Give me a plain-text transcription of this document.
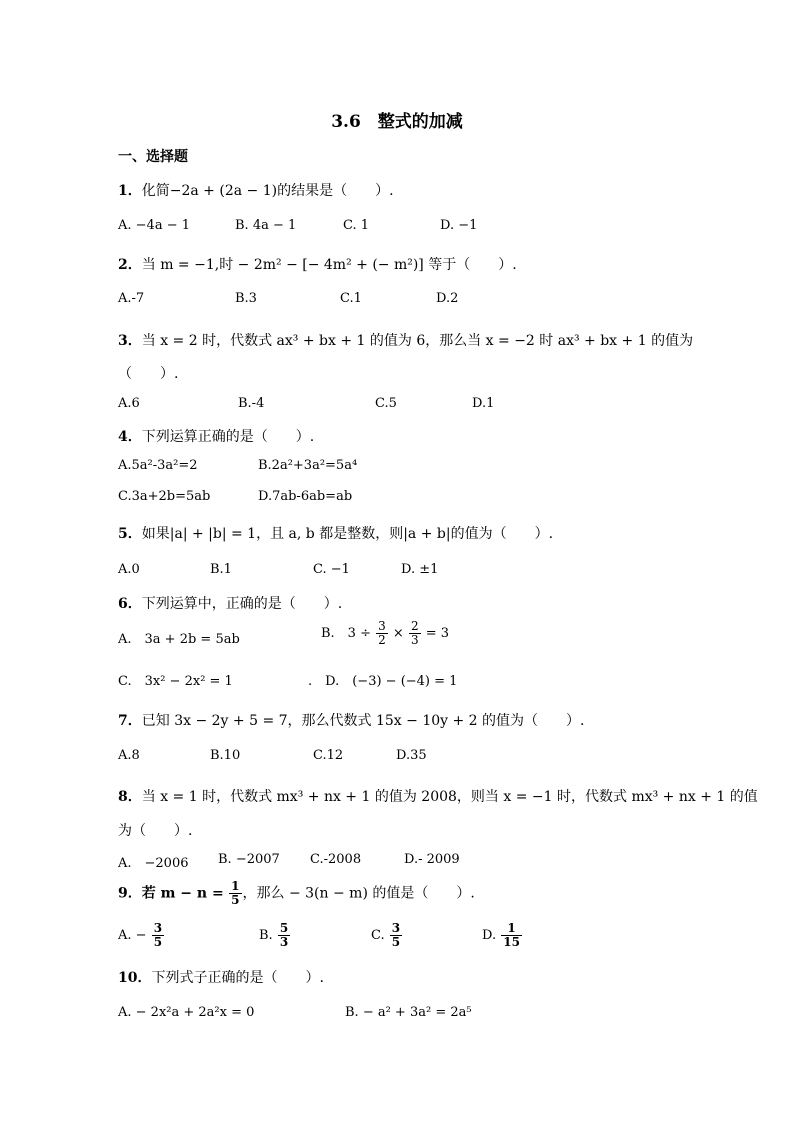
3.6　整式的加减
一、选择题
1．化简−2a + (2a − 1)的结果是（　　）.
A. −4a − 1	B. 4a − 1	C. 1	D. −1
2．当 m = −1,时 − 2m² − [− 4m² + (− m²)] 等于（　　）.
A.-7	B.3	C.1	D.2
3．当 x = 2 时，代数式 ax³ + bx + 1 的值为 6，那么当 x = −2 时 ax³ + bx + 1 的值为
（　　）.
A.6	B.-4	C.5	D.1
4．下列运算正确的是（　　）.
A.5a²-3a²=2	B.2a²+3a²=5a⁴
C.3a+2b=5ab	D.7ab-6ab=ab
5．如果|a| + |b| = 1，且 a, b 都是整数，则|a + b|的值为（　　）.
A.0	B.1	C. −1	D. ±1
6．下列运算中，正确的是（　　）.
A.　3a + 2b = 5ab	B.　$3 \div \frac{3}{2} \times \frac{2}{3} = 3$
C.　3x² − 2x² = 1	.　D.　(−3) − (−4) = 1
7．已知 3x − 2y + 5 = 7，那么代数式 15x − 10y + 2 的值为（　　）.
A.8	B.10	C.12	D.35
8．当 x = 1 时，代数式 mx³ + nx + 1 的值为 2008，则当 x = −1 时，代数式 mx³ + nx + 1 的值
为（　　）.
A.　−2006 B. −2007 C.-2008	D.- 2009
9．若 $m - n = \frac{1}{5}$ ，那么 − 3(n − m) 的值是（　　）.
A. − $\frac{3}{5}$	B. $\frac{5}{3}$	C. $\frac{3}{5}$	D. $\frac{1}{15}$
10．下列式子正确的是（　　）.
A. − 2x²a + 2a²x = 0	B. − a² + 3a² = 2a⁵
